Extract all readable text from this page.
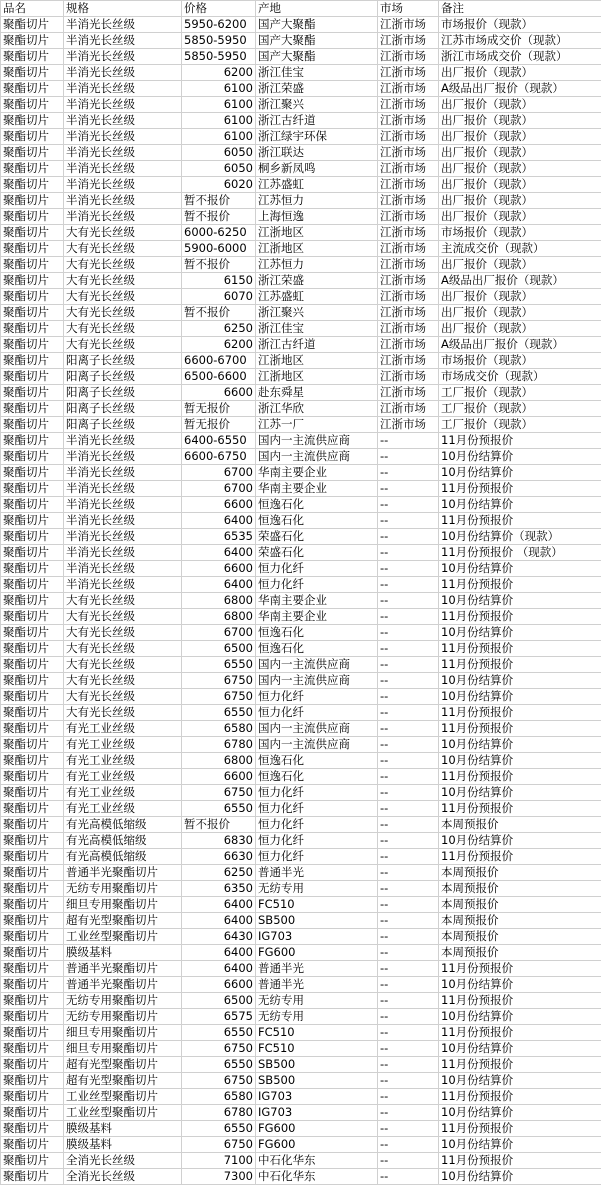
品名	规格	价格	产地	市场	备注
聚酯切片	半消光长丝级	5950-6200	国产大聚酯	江浙市场	市场报价（现款）
聚酯切片	半消光长丝级	5850-5950	国产大聚酯	江浙市场	江苏市场成交价（现款）
聚酯切片	半消光长丝级	5850-5950	国产大聚酯	江浙市场	浙江市场成交价（现款）
聚酯切片	半消光长丝级	6200	浙江佳宝	江浙市场	出厂报价（现款）
聚酯切片	半消光长丝级	6100	浙江荣盛	江浙市场	A级品出厂报价（现款）
聚酯切片	半消光长丝级	6100	浙江聚兴	江浙市场	出厂报价（现款）
聚酯切片	半消光长丝级	6100	浙江古纤道	江浙市场	出厂报价（现款）
聚酯切片	半消光长丝级	6100	浙江绿宇环保	江浙市场	出厂报价（现款）
聚酯切片	半消光长丝级	6050	浙江联达	江浙市场	出厂报价（现款）
聚酯切片	半消光长丝级	6050	桐乡新凤鸣	江浙市场	出厂报价（现款）
聚酯切片	半消光长丝级	6020	江苏盛虹	江浙市场	出厂报价（现款）
聚酯切片	半消光长丝级	暂不报价	江苏恒力	江浙市场	出厂报价（现款）
聚酯切片	半消光长丝级	暂不报价	上海恒逸	江浙市场	出厂报价（现款）
聚酯切片	大有光长丝级	6000-6250	江浙地区	江浙市场	市场报价（现款）
聚酯切片	大有光长丝级	5900-6000	江浙地区	江浙市场	主流成交价（现款）
聚酯切片	大有光长丝级	暂不报价	江苏恒力	江浙市场	出厂报价（现款）
聚酯切片	大有光长丝级	6150	浙江荣盛	江浙市场	A级品出厂报价（现款）
聚酯切片	大有光长丝级	6070	江苏盛虹	江浙市场	出厂报价（现款）
聚酯切片	大有光长丝级	暂不报价	浙江聚兴	江浙市场	出厂报价（现款）
聚酯切片	大有光长丝级	6250	浙江佳宝	江浙市场	出厂报价（现款）
聚酯切片	大有光长丝级	6200	浙江古纤道	江浙市场	A级品出厂报价（现款）
聚酯切片	阳离子长丝级	6600-6700	江浙地区	江浙市场	市场报价（现款）
聚酯切片	阳离子长丝级	6500-6600	江浙地区	江浙市场	市场成交价（现款）
聚酯切片	阳离子长丝级	6600	赴东舜星	江浙市场	工厂报价（现款）
聚酯切片	阳离子长丝级	暂无报价	浙江华欣	江浙市场	工厂报价（现款）
聚酯切片	阳离子长丝级	暂无报价	江苏一厂	江浙市场	工厂报价（现款）
聚酯切片	半消光长丝级	6400-6550	国内一主流供应商	--	11月份预报价
聚酯切片	半消光长丝级	6600-6750	国内一主流供应商	--	10月份结算价
聚酯切片	半消光长丝级	6700	华南主要企业	--	10月份结算价
聚酯切片	半消光长丝级	6700	华南主要企业	--	11月份预报价
聚酯切片	半消光长丝级	6600	恒逸石化	--	10月份结算价
聚酯切片	半消光长丝级	6400	恒逸石化	--	11月份预报价
聚酯切片	半消光长丝级	6535	荣盛石化	--	10月份结算价（现款）
聚酯切片	半消光长丝级	6400	荣盛石化	--	11月份预报价 （现款）
聚酯切片	半消光长丝级	6600	恒力化纤	--	10月份结算价
聚酯切片	半消光长丝级	6400	恒力化纤	--	11月份预报价
聚酯切片	大有光长丝级	6800	华南主要企业	--	10月份结算价
聚酯切片	大有光长丝级	6800	华南主要企业	--	11月份预报价
聚酯切片	大有光长丝级	6700	恒逸石化	--	10月份结算价
聚酯切片	大有光长丝级	6500	恒逸石化	--	11月份预报价
聚酯切片	大有光长丝级	6550	国内一主流供应商	--	11月份预报价
聚酯切片	大有光长丝级	6750	国内一主流供应商	--	10月份结算价
聚酯切片	大有光长丝级	6750	恒力化纤	--	10月份结算价
聚酯切片	大有光长丝级	6550	恒力化纤	--	11月份预报价
聚酯切片	有光工业丝级	6580	国内一主流供应商	--	11月份预报价
聚酯切片	有光工业丝级	6780	国内一主流供应商	--	10月份结算价
聚酯切片	有光工业丝级	6800	恒逸石化	--	10月份结算价
聚酯切片	有光工业丝级	6600	恒逸石化	--	11月份预报价
聚酯切片	有光工业丝级	6750	恒力化纤	--	10月份结算价
聚酯切片	有光工业丝级	6550	恒力化纤	--	11月份预报价
聚酯切片	有光高模低缩级	暂不报价	恒力化纤	--	本周预报价
聚酯切片	有光高模低缩级	6830	恒力化纤	--	10月份结算价
聚酯切片	有光高模低缩级	6630	恒力化纤	--	11月份预报价
聚酯切片	普通半光聚酯切片	6250	普通半光	--	本周预报价
聚酯切片	无纺专用聚酯切片	6350	无纺专用	--	本周预报价
聚酯切片	细旦专用聚酯切片	6400	FC510	--	本周预报价
聚酯切片	超有光型聚酯切片	6400	SB500	--	本周预报价
聚酯切片	工业丝型聚酯切片	6430	IG703	--	本周预报价
聚酯切片	膜级基料	6400	FG600	--	本周预报价
聚酯切片	普通半光聚酯切片	6400	普通半光	--	11月份预报价
聚酯切片	普通半光聚酯切片	6600	普通半光	--	10月份结算价
聚酯切片	无纺专用聚酯切片	6500	无纺专用	--	11月份预报价
聚酯切片	无纺专用聚酯切片	6575	无纺专用	--	10月份结算价
聚酯切片	细旦专用聚酯切片	6550	FC510	--	11月份预报价
聚酯切片	细旦专用聚酯切片	6750	FC510	--	10月份结算价
聚酯切片	超有光型聚酯切片	6550	SB500	--	11月份预报价
聚酯切片	超有光型聚酯切片	6750	SB500	--	10月份结算价
聚酯切片	工业丝型聚酯切片	6580	IG703	--	11月份预报价
聚酯切片	工业丝型聚酯切片	6780	IG703	--	10月份结算价
聚酯切片	膜级基料	6550	FG600	--	11月份预报价
聚酯切片	膜级基料	6750	FG600	--	10月份结算价
聚酯切片	全消光长丝级	7100	中石化华东	--	11月份预报价
聚酯切片	全消光长丝级	7300	中石化华东	--	10月份结算价
